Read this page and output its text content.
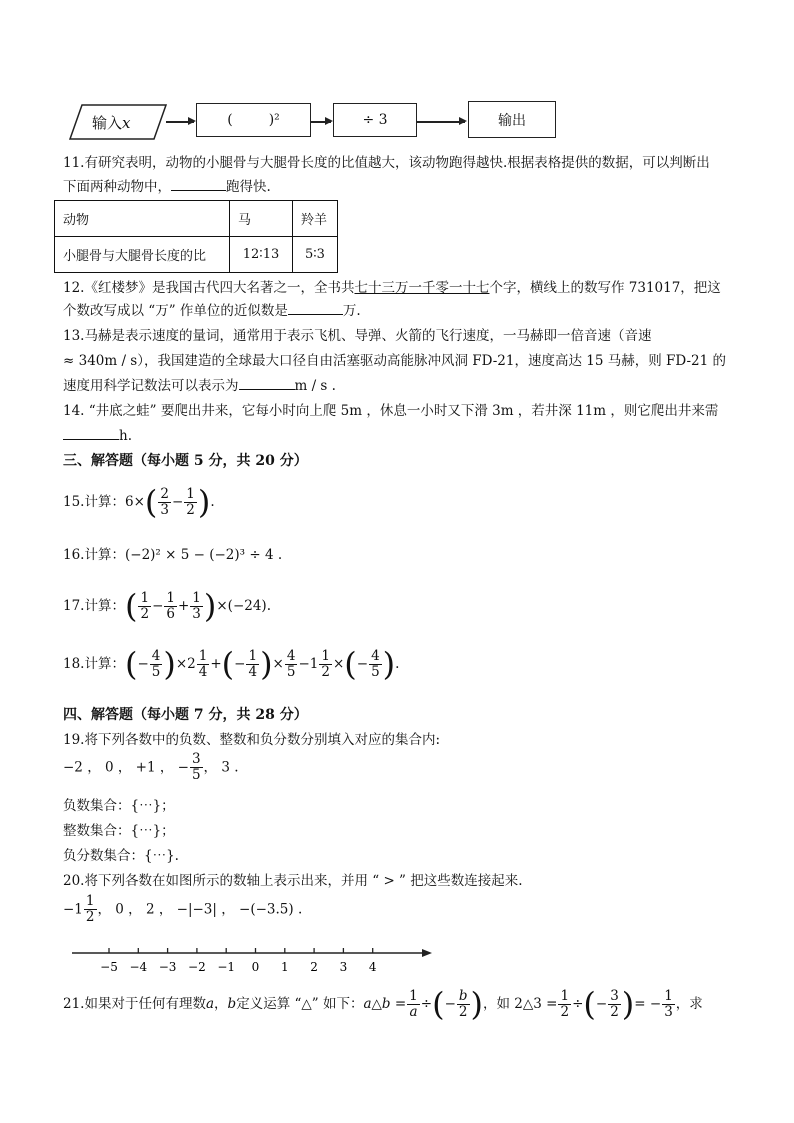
输入x	(	)²	÷ 3	输出
11.有研究表明，动物的小腿骨与大腿骨长度的比值越大，该动物跑得越快.根据表格提供的数据，可以判断出
下面两种动物中，	跑得快.
动物	马	羚羊
小腿骨与大腿骨长度的比	12∶13	5∶3
12.《红楼梦》是我国古代四大名著之一，全书共七十三万一千零一十七个字，横线上的数写作 731017，把这
个数改写成以 “万” 作单位的近似数是	万.
13.马赫是表示速度的量词，通常用于表示飞机、导弹、火箭的飞行速度，一马赫即一倍音速（音速
≈ 340m / s），我国建造的全球最大口径自由活塞驱动高能脉冲风洞 FD-21，速度高达 15 马赫，则 FD-21 的
速度用科学记数法可以表示为	m / s .
14. “井底之蛙” 要爬出井来，它每小时向上爬 5m ，休息一小时又下滑 3m ，若井深 11m ，则它爬出井来需
h.
三、解答题（每小题 5 分，共 20 分）
15.计算：$6\times( \frac{2}{3} - \frac{1}{2}$ ).
16.计算：(−2)² × 5 − (−2)³ ÷ 4 .
17.计算：( $\frac{1}{2} - \frac{1}{6} + \frac{1}{3} )\times(-24)$.
18.计算：(− $\frac{4}{5} )\times 2 \frac{1}{4}$ +(− $\frac{1}{4}$ )× $\frac{4}{5} -1 \frac{1}{2}$ ×(− $\frac{4}{5}$ ).
四、解答题（每小题 7 分，共 28 分）
19.将下列各数中的负数、整数和负分数分别填入对应的集合内:
−2 ， 0 ， +1 ， − $\frac{3}{5}$ ， 3 .
负数集合：{⋯}；
整数集合：{⋯}；
负分数集合：{⋯}.
20.将下列各数在如图所示的数轴上表示出来，并用 “ > ” 把这些数连接起来.
$-1 \frac{1}{2}$ ， 0 ， 2 ， −|−3| ， −(−3.5) .
−5 −4 −3 −2 −1 0 1 2 3 4
21.如果对于任何有理数a，b定义运算 “△” 如下：a△b = $\frac{1}{a}$ ÷(− $\frac{b}{2}$ )，如 2△3 = $\frac{1}{2}$ ÷(− $\frac{3}{2}$ )= − $\frac{1}{3}$ ，求
